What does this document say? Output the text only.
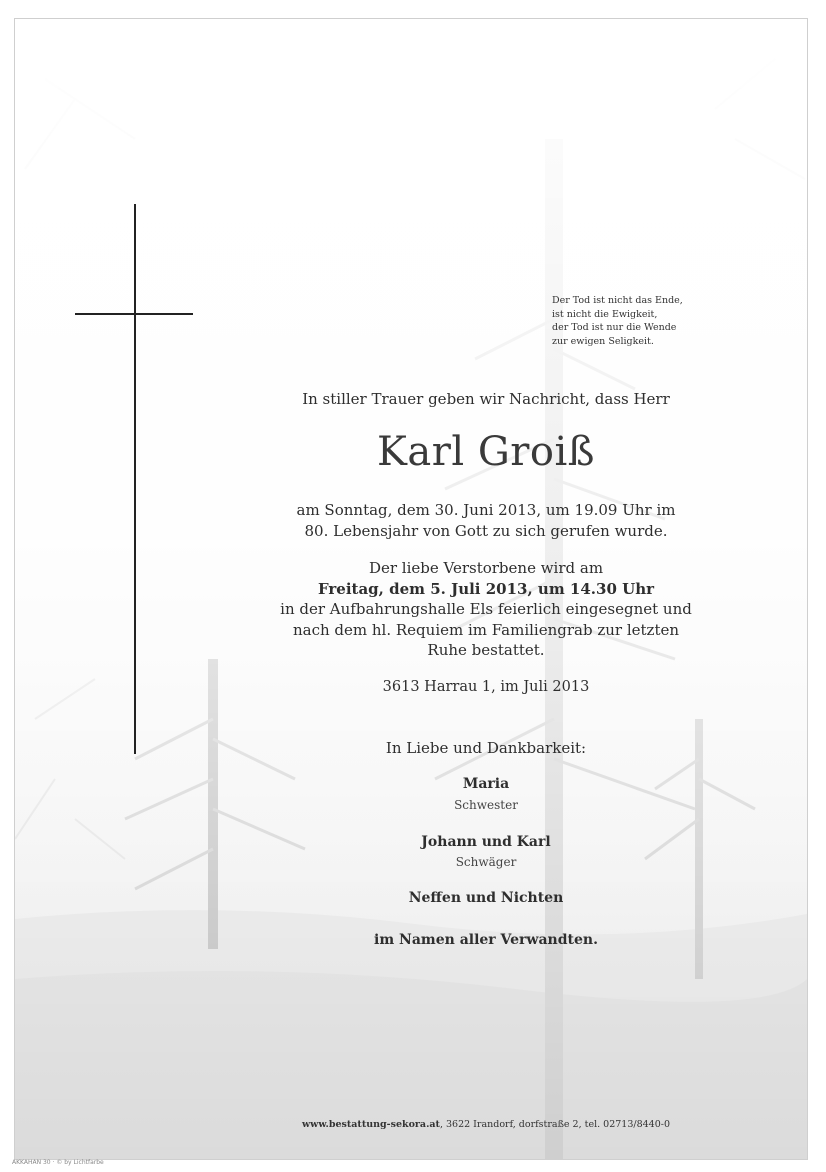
Der Tod ist nicht das Ende,
ist nicht die Ewigkeit,
der Tod ist nur die Wende
zur ewigen Seligkeit.
In stiller Trauer geben wir Nachricht, dass Herr
Karl Groiß
am Sonntag, dem 30. Juni 2013, um 19.09 Uhr im
80. Lebensjahr von Gott zu sich gerufen wurde.
Der liebe Verstorbene wird am
Freitag, dem 5. Juli 2013, um 14.30 Uhr
in der Aufbahrungshalle Els feierlich eingesegnet und
nach dem hl. Requiem im Familiengrab zur letzten
Ruhe bestattet.
3613 Harrau 1, im Juli 2013
In Liebe und Dankbarkeit:
Maria
Schwester
Johann und Karl
Schwäger
Neffen und Nichten
im Namen aller Verwandten.
www.bestattung-sekora.at, 3622 Irandorf, dorfstraße 2, tel. 02713/8440-0
AKKAHAN 30 · © by Lichtfarbe
